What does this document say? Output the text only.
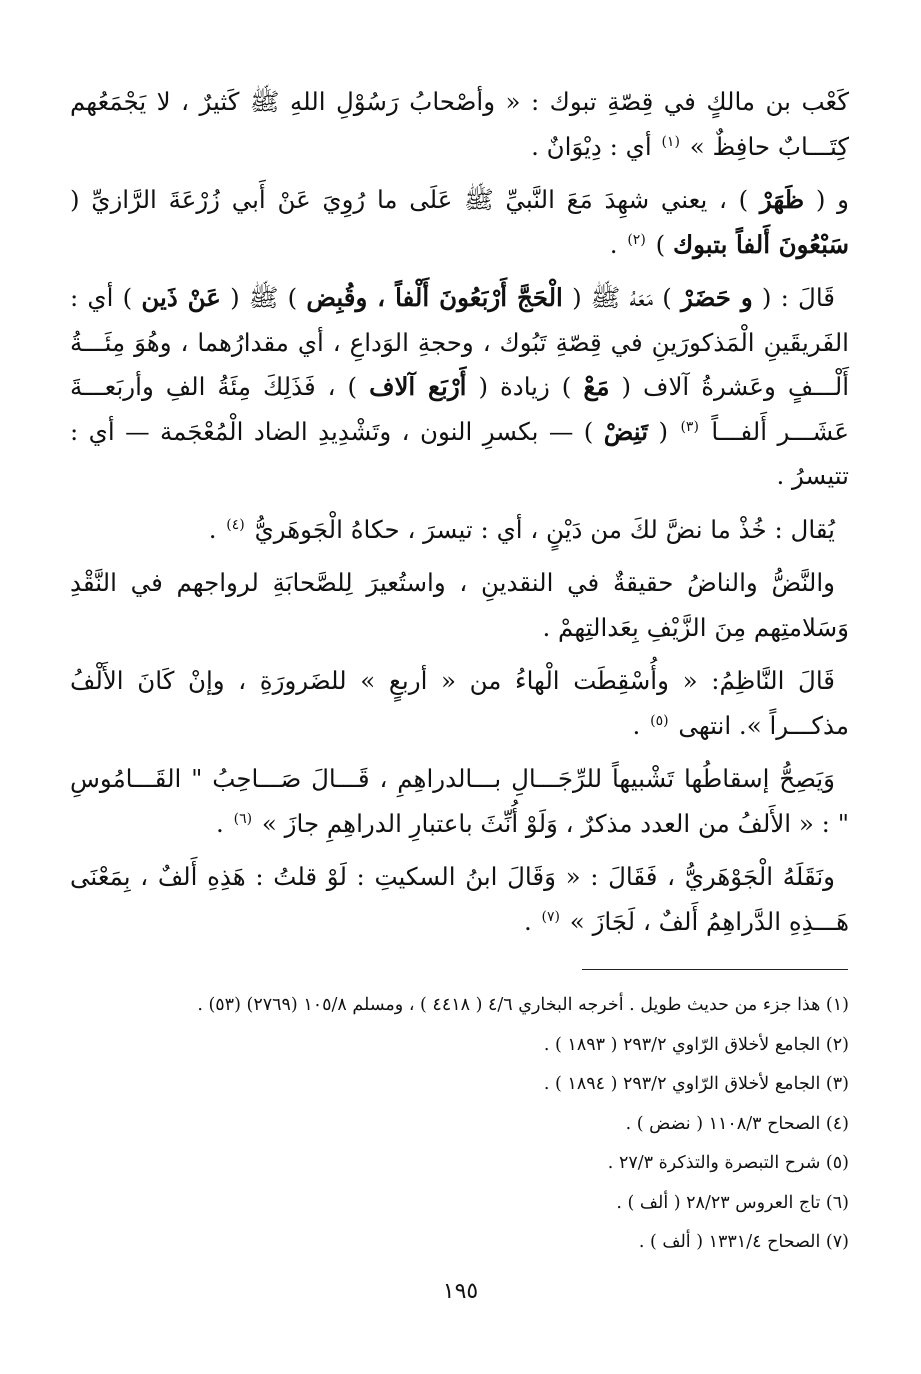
كَعْب بن مالكٍ في قِصّةِ تبوك : « وأصْحابُ رَسُوْلِ اللهِ ﷺ كَثيرٌ ، لا يَجْمَعُهم كِتَـــابٌ حافِظٌ » $^{(١)}$ أي : دِيْوَانٌ .

و ( ظَهَرْ ) ، يعني شهِدَ مَعَ النَّبيِّ ﷺ عَلَى ما رُوِيَ عَنْ أَبي زُرْعَةَ الرَّازيِّ ( سَبْعُونَ أَلفاً بتبوك ) $^{(٢)}$ .

قَالَ : ( و حَضَرْ ) مَعَهُ ﷺ ( الْحَجَّ أَرْبَعُونَ أَلْفاً ، وقُبِض ) ﷺ ( عَنْ ذَين ) أي : الفَريقَينِ الْمَذكورَينِ في قِصّةِ تَبُوك ، وحجةِ الوَداعِ ، أي مقدارُهما ، وهُوَ مِئَـــةُ أَلْـــفٍ وعَشرةُ آلاف ( مَعْ ) زيادة ( أَرْبَع آلاف ) ، فَذَلِكَ مِئَةُ الفِ وأربَعـــةَ عَشَـــر أَلفـــاً $^{(٣)}$ ( تَنِضْ ) — بكسرِ النون ، وتَشْدِيدِ الضاد الْمُعْجَمة — أي : تتيسرُ .

يُقال : خُذْ ما نضَّ لكَ من دَيْنٍ ، أي : تيسرَ ، حكاهُ الْجَوهَريُّ $^{(٤)}$ .

والنَّضُّ والناضُ حقيقةٌ في النقدينِ ، واستُعيرَ لِلصَّحابَةِ لرواجهم في النَّقْدِ وَسَلامتِهم مِنَ الزَّيْفِ بِعَدالتِهمْ .

قَالَ النَّاظِمُ: « وأُسْقِطَت الْهاءُ من « أربعٍ » للضَرورَةِ ، وإنْ كَانَ الأَلْفُ مذكـــراً ». انتهى $^{(٥)}$ .

وَيَصِحُّ إسقاطُها تَشْبيهاً للرِّجَـــالِ بـــالدراهِمِ ، قَـــالَ صَـــاحِبُ " القَـــامُوسِ " : « الأَلفُ من العدد مذكرٌ ، وَلَوْ أُنِّثَ باعتبارِ الدراهِمِ جازَ » $^{(٦)}$ .

ونَقَلَهُ الْجَوْهَريُّ ، فَقَالَ : « وَقَالَ ابنُ السكيتِ : لَوْ قلتُ : هَذِهِ أَلفٌ ، بِمَعْنَى هَـــذِهِ الدَّراهِمُ أَلفٌ ، لَجَازَ » $^{(٧)}$ .

(١) هذا جزء من حديث طويل . أخرجه البخاري ٤/٦ ( ٤٤١٨ ) ، ومسلم ١٠٥/٨ (٢٧٦٩) (٥٣) .
(٢) الجامع لأخلاق الرّاوي ٢٩٣/٢ ( ١٨٩٣ ) .
(٣) الجامع لأخلاق الرّاوي ٢٩٣/٢ ( ١٨٩٤ ) .
(٤) الصحاح ١١٠٨/٣ ( نضض ) .
(٥) شرح التبصرة والتذكرة ٢٧/٣ .
(٦) تاج العروس ٢٨/٢٣ ( ألف ) .
(٧) الصحاح ١٣٣١/٤ ( ألف ) .
١٩٥
